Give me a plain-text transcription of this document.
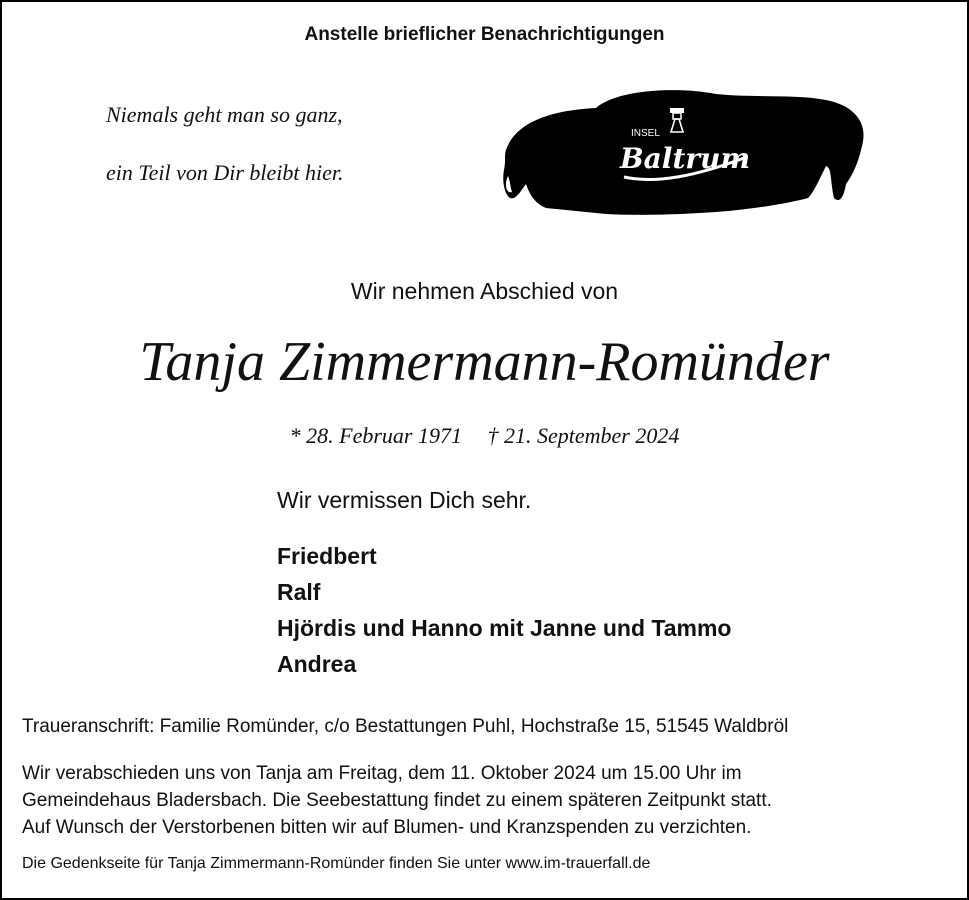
Anstelle brieflicher Benachrichtigungen
Niemals geht man so ganz,
ein Teil von Dir bleibt hier.
INSEL
Baltrum
Wir nehmen Abschied von
Tanja Zimmermann-Romünder
* 28. Februar 1971 † 21. September 2024
Wir vermissen Dich sehr.
Friedbert
Ralf
Hjördis und Hanno mit Janne und Tammo
Andrea
Traueranschrift: Familie Romünder, c/o Bestattungen Puhl, Hochstraße 15, 51545 Waldbröl
Wir verabschieden uns von Tanja am Freitag, dem 11. Oktober 2024 um 15.00 Uhr im
Gemeindehaus Bladersbach. Die Seebestattung findet zu einem späteren Zeitpunkt statt.
Auf Wunsch der Verstorbenen bitten wir auf Blumen- und Kranzspenden zu verzichten.
Die Gedenkseite für Tanja Zimmermann-Romünder finden Sie unter www.im-trauerfall.de
